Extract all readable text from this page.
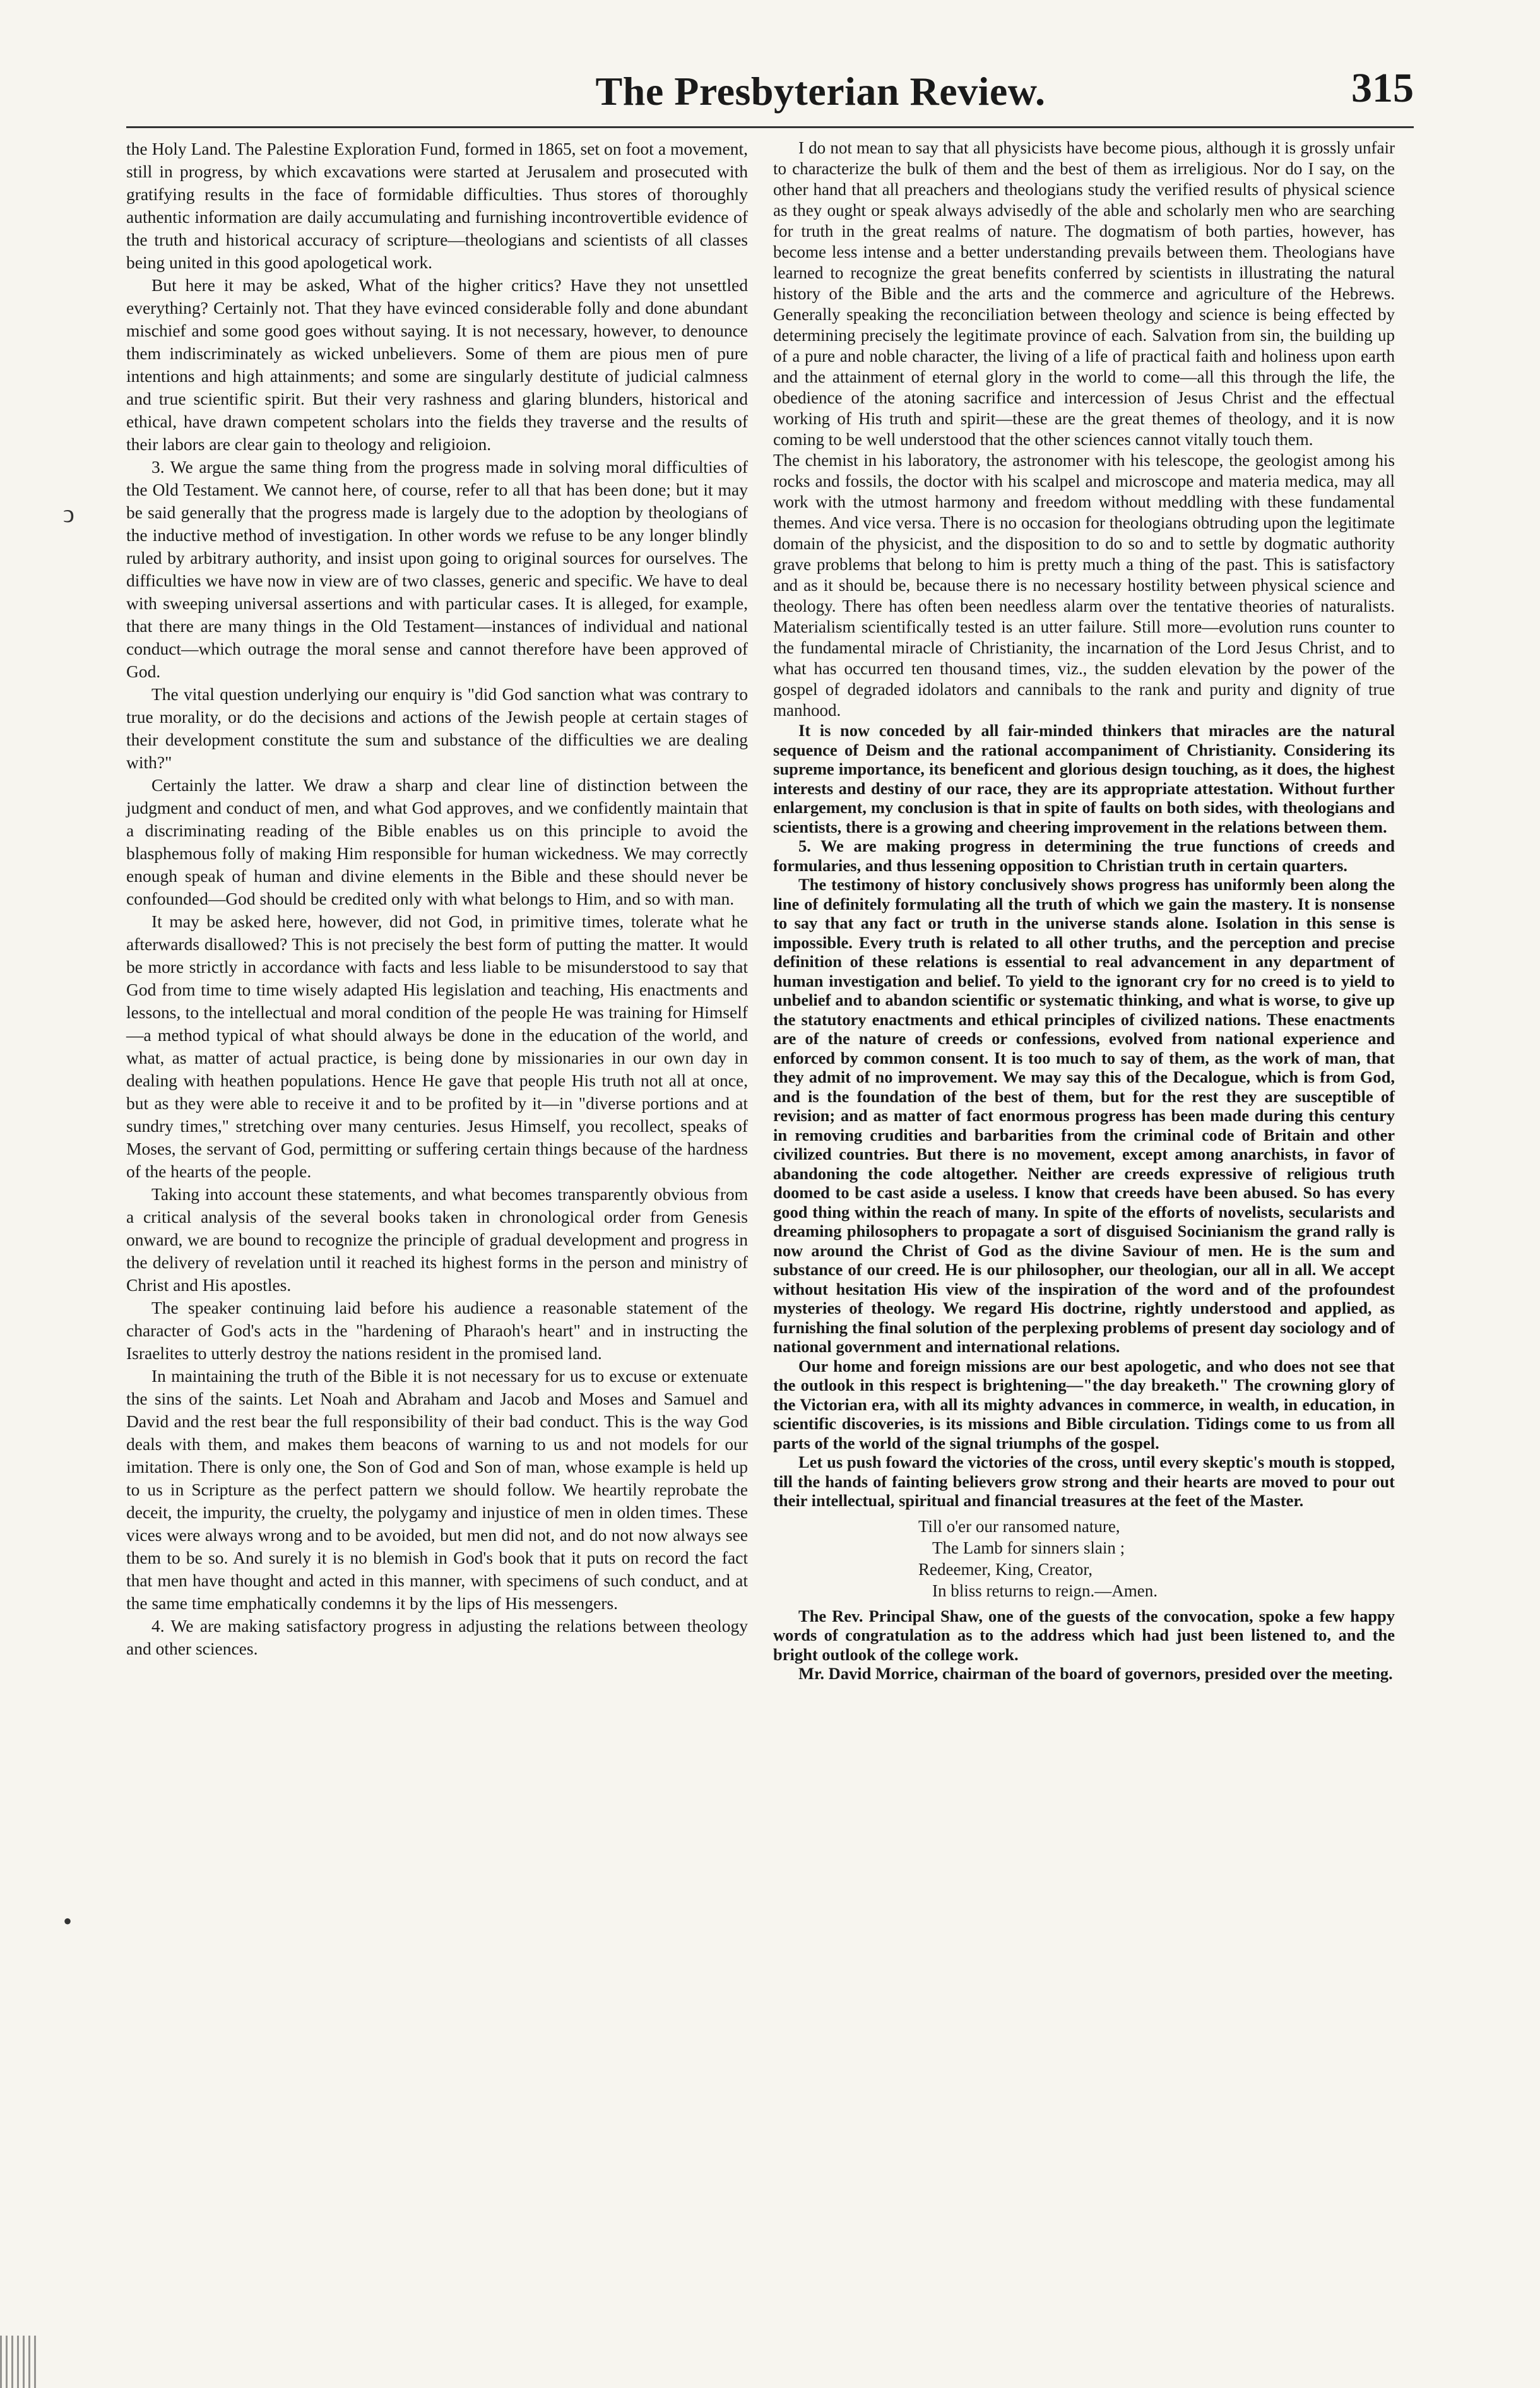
The Presbyterian Review.	315

the Holy Land. The Palestine Exploration Fund, formed in 1865, set on foot a movement, still in progress, by which excavations were started at Jerusalem and prosecuted with gratifying results in the face of formidable difficulties. Thus stores of thoroughly authentic information are daily accumulating and furnishing incontrovertible evidence of the truth and historical accuracy of scripture—theologians and scientists of all classes being united in this good apologetical work.

But here it may be asked, What of the higher critics? Have they not unsettled everything? Certainly not. That they have evinced considerable folly and done abundant mischief and some good goes without saying. It is not necessary, however, to denounce them indiscriminately as wicked unbelievers. Some of them are pious men of pure intentions and high attainments; and some are singularly destitute of judicial calmness and true scientific spirit. But their very rashness and glaring blunders, historical and ethical, have drawn competent scholars into the fields they traverse and the results of their labors are clear gain to theology and religioion.

3. We argue the same thing from the progress made in solving moral difficulties of the Old Testament. We cannot here, of course, refer to all that has been done; but it may be said generally that the progress made is largely due to the adoption by theologians of the inductive method of investigation. In other words we refuse to be any longer blindly ruled by arbitrary authority, and insist upon going to original sources for ourselves. The difficulties we have now in view are of two classes, generic and specific. We have to deal with sweeping universal assertions and with particular cases. It is alleged, for example, that there are many things in the Old Testament—instances of individual and national conduct—which outrage the moral sense and cannot therefore have been approved of God.

The vital question underlying our enquiry is "did God sanction what was contrary to true morality, or do the decisions and actions of the Jewish people at certain stages of their development constitute the sum and substance of the difficulties we are dealing with?"

Certainly the latter. We draw a sharp and clear line of distinction between the judgment and conduct of men, and what God approves, and we confidently maintain that a discriminating reading of the Bible enables us on this principle to avoid the blasphemous folly of making Him responsible for human wickedness. We may correctly enough speak of human and divine elements in the Bible and these should never be confounded—God should be credited only with what belongs to Him, and so with man.

It may be asked here, however, did not God, in primitive times, tolerate what he afterwards disallowed? This is not precisely the best form of putting the matter. It would be more strictly in accordance with facts and less liable to be misunderstood to say that God from time to time wisely adapted His legislation and teaching, His enactments and lessons, to the intellectual and moral condition of the people He was training for Himself—a method typical of what should always be done in the education of the world, and what, as matter of actual practice, is being done by missionaries in our own day in dealing with heathen populations. Hence He gave that people His truth not all at once, but as they were able to receive it and to be profited by it—in "diverse portions and at sundry times," stretching over many centuries. Jesus Himself, you recollect, speaks of Moses, the servant of God, permitting or suffering certain things because of the hardness of the hearts of the people.

Taking into account these statements, and what becomes transparently obvious from a critical analysis of the several books taken in chronological order from Genesis onward, we are bound to recognize the principle of gradual development and progress in the delivery of revelation until it reached its highest forms in the person and ministry of Christ and His apostles.

The speaker continuing laid before his audience a reasonable statement of the character of God's acts in the "hardening of Pharaoh's heart" and in instructing the Israelites to utterly destroy the nations resident in the promised land.

In maintaining the truth of the Bible it is not necessary for us to excuse or extenuate the sins of the saints. Let Noah and Abraham and Jacob and Moses and Samuel and David and the rest bear the full responsibility of their bad conduct. This is the way God deals with them, and makes them beacons of warning to us and not models for our imitation. There is only one, the Son of God and Son of man, whose example is held up to us in Scripture as the perfect pattern we should follow. We heartily reprobate the deceit, the impurity, the cruelty, the polygamy and injustice of men in olden times. These vices were always wrong and to be avoided, but men did not, and do not now always see them to be so. And surely it is no blemish in God's book that it puts on record the fact that men have thought and acted in this manner, with specimens of such conduct, and at the same time emphatically condemns it by the lips of His messengers.

4. We are making satisfactory progress in adjusting the relations between theology and other sciences.

I do not mean to say that all physicists have become pious, although it is grossly unfair to characterize the bulk of them and the best of them as irreligious. Nor do I say, on the other hand that all preachers and theologians study the verified results of physical science as they ought or speak always advisedly of the able and scholarly men who are searching for truth in the great realms of nature. The dogmatism of both parties, however, has become less intense and a better understanding prevails between them. Theologians have learned to recognize the great benefits conferred by scientists in illustrating the natural history of the Bible and the arts and the commerce and agriculture of the Hebrews. Generally speaking the reconciliation between theology and science is being effected by determining precisely the legitimate province of each. Salvation from sin, the building up of a pure and noble character, the living of a life of practical faith and holiness upon earth and the attainment of eternal glory in the world to come—all this through the life, the obedience of the atoning sacrifice and intercession of Jesus Christ and the effectual working of His truth and spirit—these are the great themes of theology, and it is now coming to be well understood that the other sciences cannot vitally touch them.

The chemist in his laboratory, the astronomer with his telescope, the geologist among his rocks and fossils, the doctor with his scalpel and microscope and materia medica, may all work with the utmost harmony and freedom without meddling with these fundamental themes. And vice versa. There is no occasion for theologians obtruding upon the legitimate domain of the physicist, and the disposition to do so and to settle by dogmatic authority grave problems that belong to him is pretty much a thing of the past. This is satisfactory and as it should be, because there is no necessary hostility between physical science and theology. There has often been needless alarm over the tentative theories of naturalists. Materialism scientifically tested is an utter failure. Still more—evolution runs counter to the fundamental miracle of Christianity, the incarnation of the Lord Jesus Christ, and to what has occurred ten thousand times, viz., the sudden elevation by the power of the gospel of degraded idolators and cannibals to the rank and purity and dignity of true manhood.

It is now conceded by all fair-minded thinkers that miracles are the natural sequence of Deism and the rational accompaniment of Christianity. Considering its supreme importance, its beneficent and glorious design touching, as it does, the highest interests and destiny of our race, they are its appropriate attestation. Without further enlargement, my conclusion is that in spite of faults on both sides, with theologians and scientists, there is a growing and cheering improvement in the relations between them.

5. We are making progress in determining the true functions of creeds and formularies, and thus lessening opposition to Christian truth in certain quarters.

The testimony of history conclusively shows progress has uniformly been along the line of definitely formulating all the truth of which we gain the mastery. It is nonsense to say that any fact or truth in the universe stands alone. Isolation in this sense is impossible. Every truth is related to all other truths, and the perception and precise definition of these relations is essential to real advancement in any department of human investigation and belief. To yield to the ignorant cry for no creed is to yield to unbelief and to abandon scientific or systematic thinking, and what is worse, to give up the statutory enactments and ethical principles of civilized nations. These enactments are of the nature of creeds or confessions, evolved from national experience and enforced by common consent. It is too much to say of them, as the work of man, that they admit of no improvement. We may say this of the Decalogue, which is from God, and is the foundation of the best of them, but for the rest they are susceptible of revision; and as matter of fact enormous progress has been made during this century in removing crudities and barbarities from the criminal code of Britain and other civilized countries. But there is no movement, except among anarchists, in favor of abandoning the code altogether. Neither are creeds expressive of religious truth doomed to be cast aside a useless. I know that creeds have been abused. So has every good thing within the reach of many. In spite of the efforts of novelists, secularists and dreaming philosophers to propagate a sort of disguised Socinianism the grand rally is now around the Christ of God as the divine Saviour of men. He is the sum and substance of our creed. He is our philosopher, our theologian, our all in all. We accept without hesitation His view of the inspiration of the word and of the profoundest mysteries of theology. We regard His doctrine, rightly understood and applied, as furnishing the final solution of the perplexing problems of present day sociology and of national government and international relations.

Our home and foreign missions are our best apologetic, and who does not see that the outlook in this respect is brightening—"the day breaketh." The crowning glory of the Victorian era, with all its mighty advances in commerce, in wealth, in education, in scientific discoveries, is its missions and Bible circulation. Tidings come to us from all parts of the world of the signal triumphs of the gospel.

Let us push foward the victories of the cross, until every skeptic's mouth is stopped, till the hands of fainting believers grow strong and their hearts are moved to pour out their intellectual, spiritual and financial treasures at the feet of the Master.

Till o'er our ransomed nature,
The Lamb for sinners slain ;
Redeemer, King, Creator,
In bliss returns to reign.—Amen.

The Rev. Principal Shaw, one of the guests of the convocation, spoke a few happy words of congratulation as to the address which had just been listened to, and the bright outlook of the college work.

Mr. David Morrice, chairman of the board of governors, presided over the meeting.

ↄ
•
